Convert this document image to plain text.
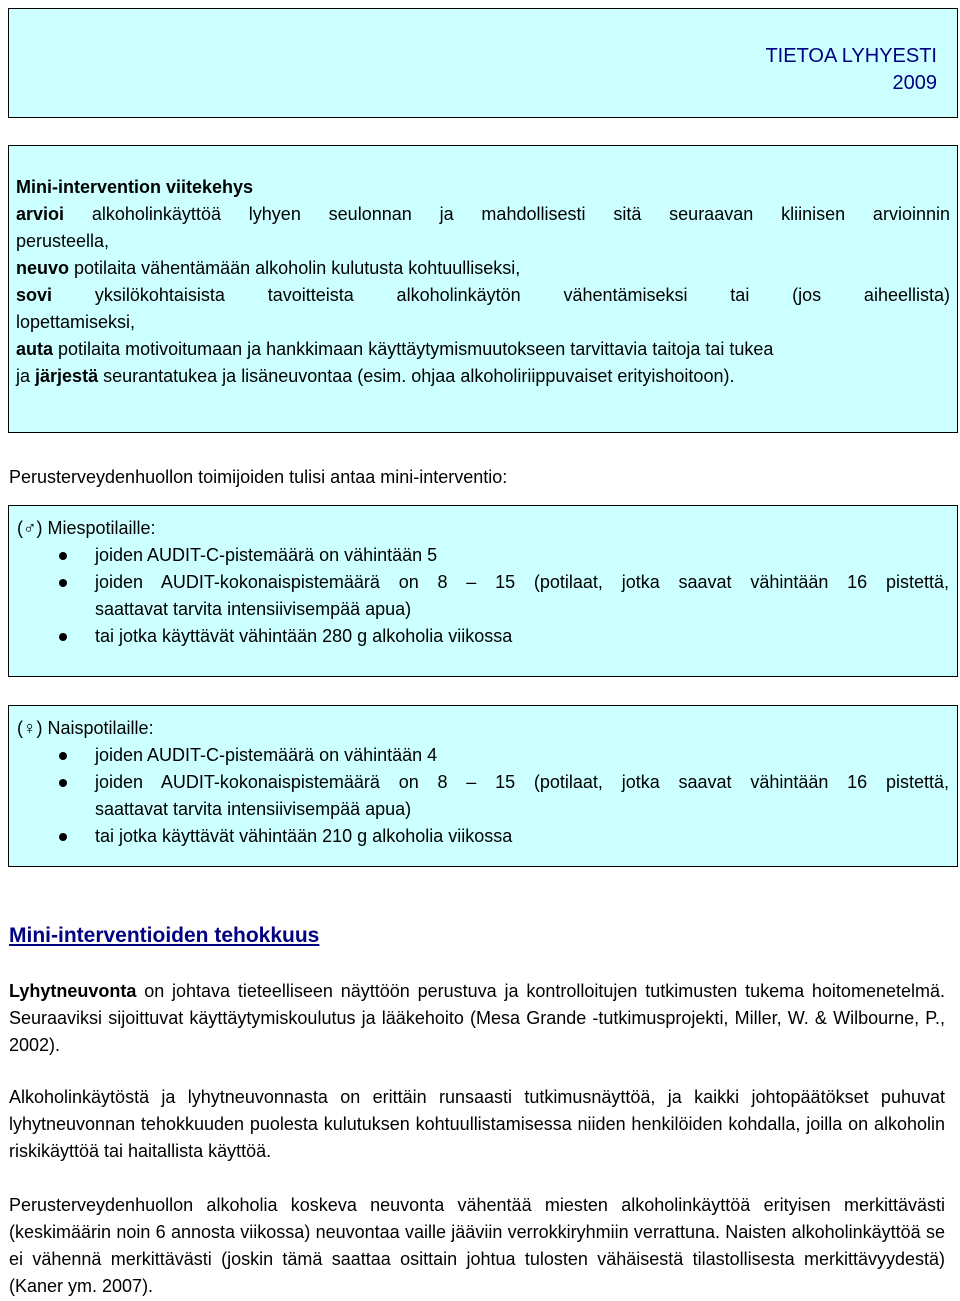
TIETOA LYHYESTI
2009
Mini-intervention viitekehys
arvioi alkoholinkäyttöä lyhyen seulonnan ja mahdollisesti sitä seuraavan kliinisen arvioinnin
perusteella,
neuvo potilaita vähentämään alkoholin kulutusta kohtuulliseksi,
sovi yksilökohtaisista tavoitteista alkoholinkäytön vähentämiseksi tai (jos aiheellista)
lopettamiseksi,
auta potilaita motivoitumaan ja hankkimaan käyttäytymismuutokseen tarvittavia taitoja tai tukea
ja järjestä seurantatukea ja lisäneuvontaa (esim. ohjaa alkoholiriippuvaiset erityishoitoon).
Perusterveydenhuollon toimijoiden tulisi antaa mini-interventio:
(♂) Miespotilaille:
joiden AUDIT-C-pistemäärä on vähintään 5
joiden AUDIT-kokonaispistemäärä on 8 – 15 (potilaat, jotka saavat vähintään 16 pistettä,
saattavat tarvita intensiivisempää apua)
tai jotka käyttävät vähintään 280 g alkoholia viikossa
(♀) Naispotilaille:
joiden AUDIT-C-pistemäärä on vähintään 4
joiden AUDIT-kokonaispistemäärä on 8 – 15 (potilaat, jotka saavat vähintään 16 pistettä,
saattavat tarvita intensiivisempää apua)
tai jotka käyttävät vähintään 210 g alkoholia viikossa
Mini-interventioiden tehokkuus
Lyhytneuvonta on johtava tieteelliseen näyttöön perustuva ja kontrolloitujen tutkimusten tukema hoitomenetelmä. Seuraaviksi sijoittuvat käyttäytymiskoulutus ja lääkehoito (Mesa Grande -tutkimusprojekti, Miller, W. & Wilbourne, P., 2002).
Alkoholinkäytöstä ja lyhytneuvonnasta on erittäin runsaasti tutkimusnäyttöä, ja kaikki johtopäätökset puhuvat lyhytneuvonnan tehokkuuden puolesta kulutuksen kohtuullistamisessa niiden henkilöiden kohdalla, joilla on alkoholin riskikäyttöä tai haitallista käyttöä.
Perusterveydenhuollon alkoholia koskeva neuvonta vähentää miesten alkoholinkäyttöä erityisen merkittävästi (keskimäärin noin 6 annosta viikossa) neuvontaa vaille jääviin verrokkiryhmiin verrattuna. Naisten alkoholinkäyttöä se ei vähennä merkittävästi (joskin tämä saattaa osittain johtua tulosten vähäisestä tilastollisesta merkittävyydestä) (Kaner ym. 2007).
